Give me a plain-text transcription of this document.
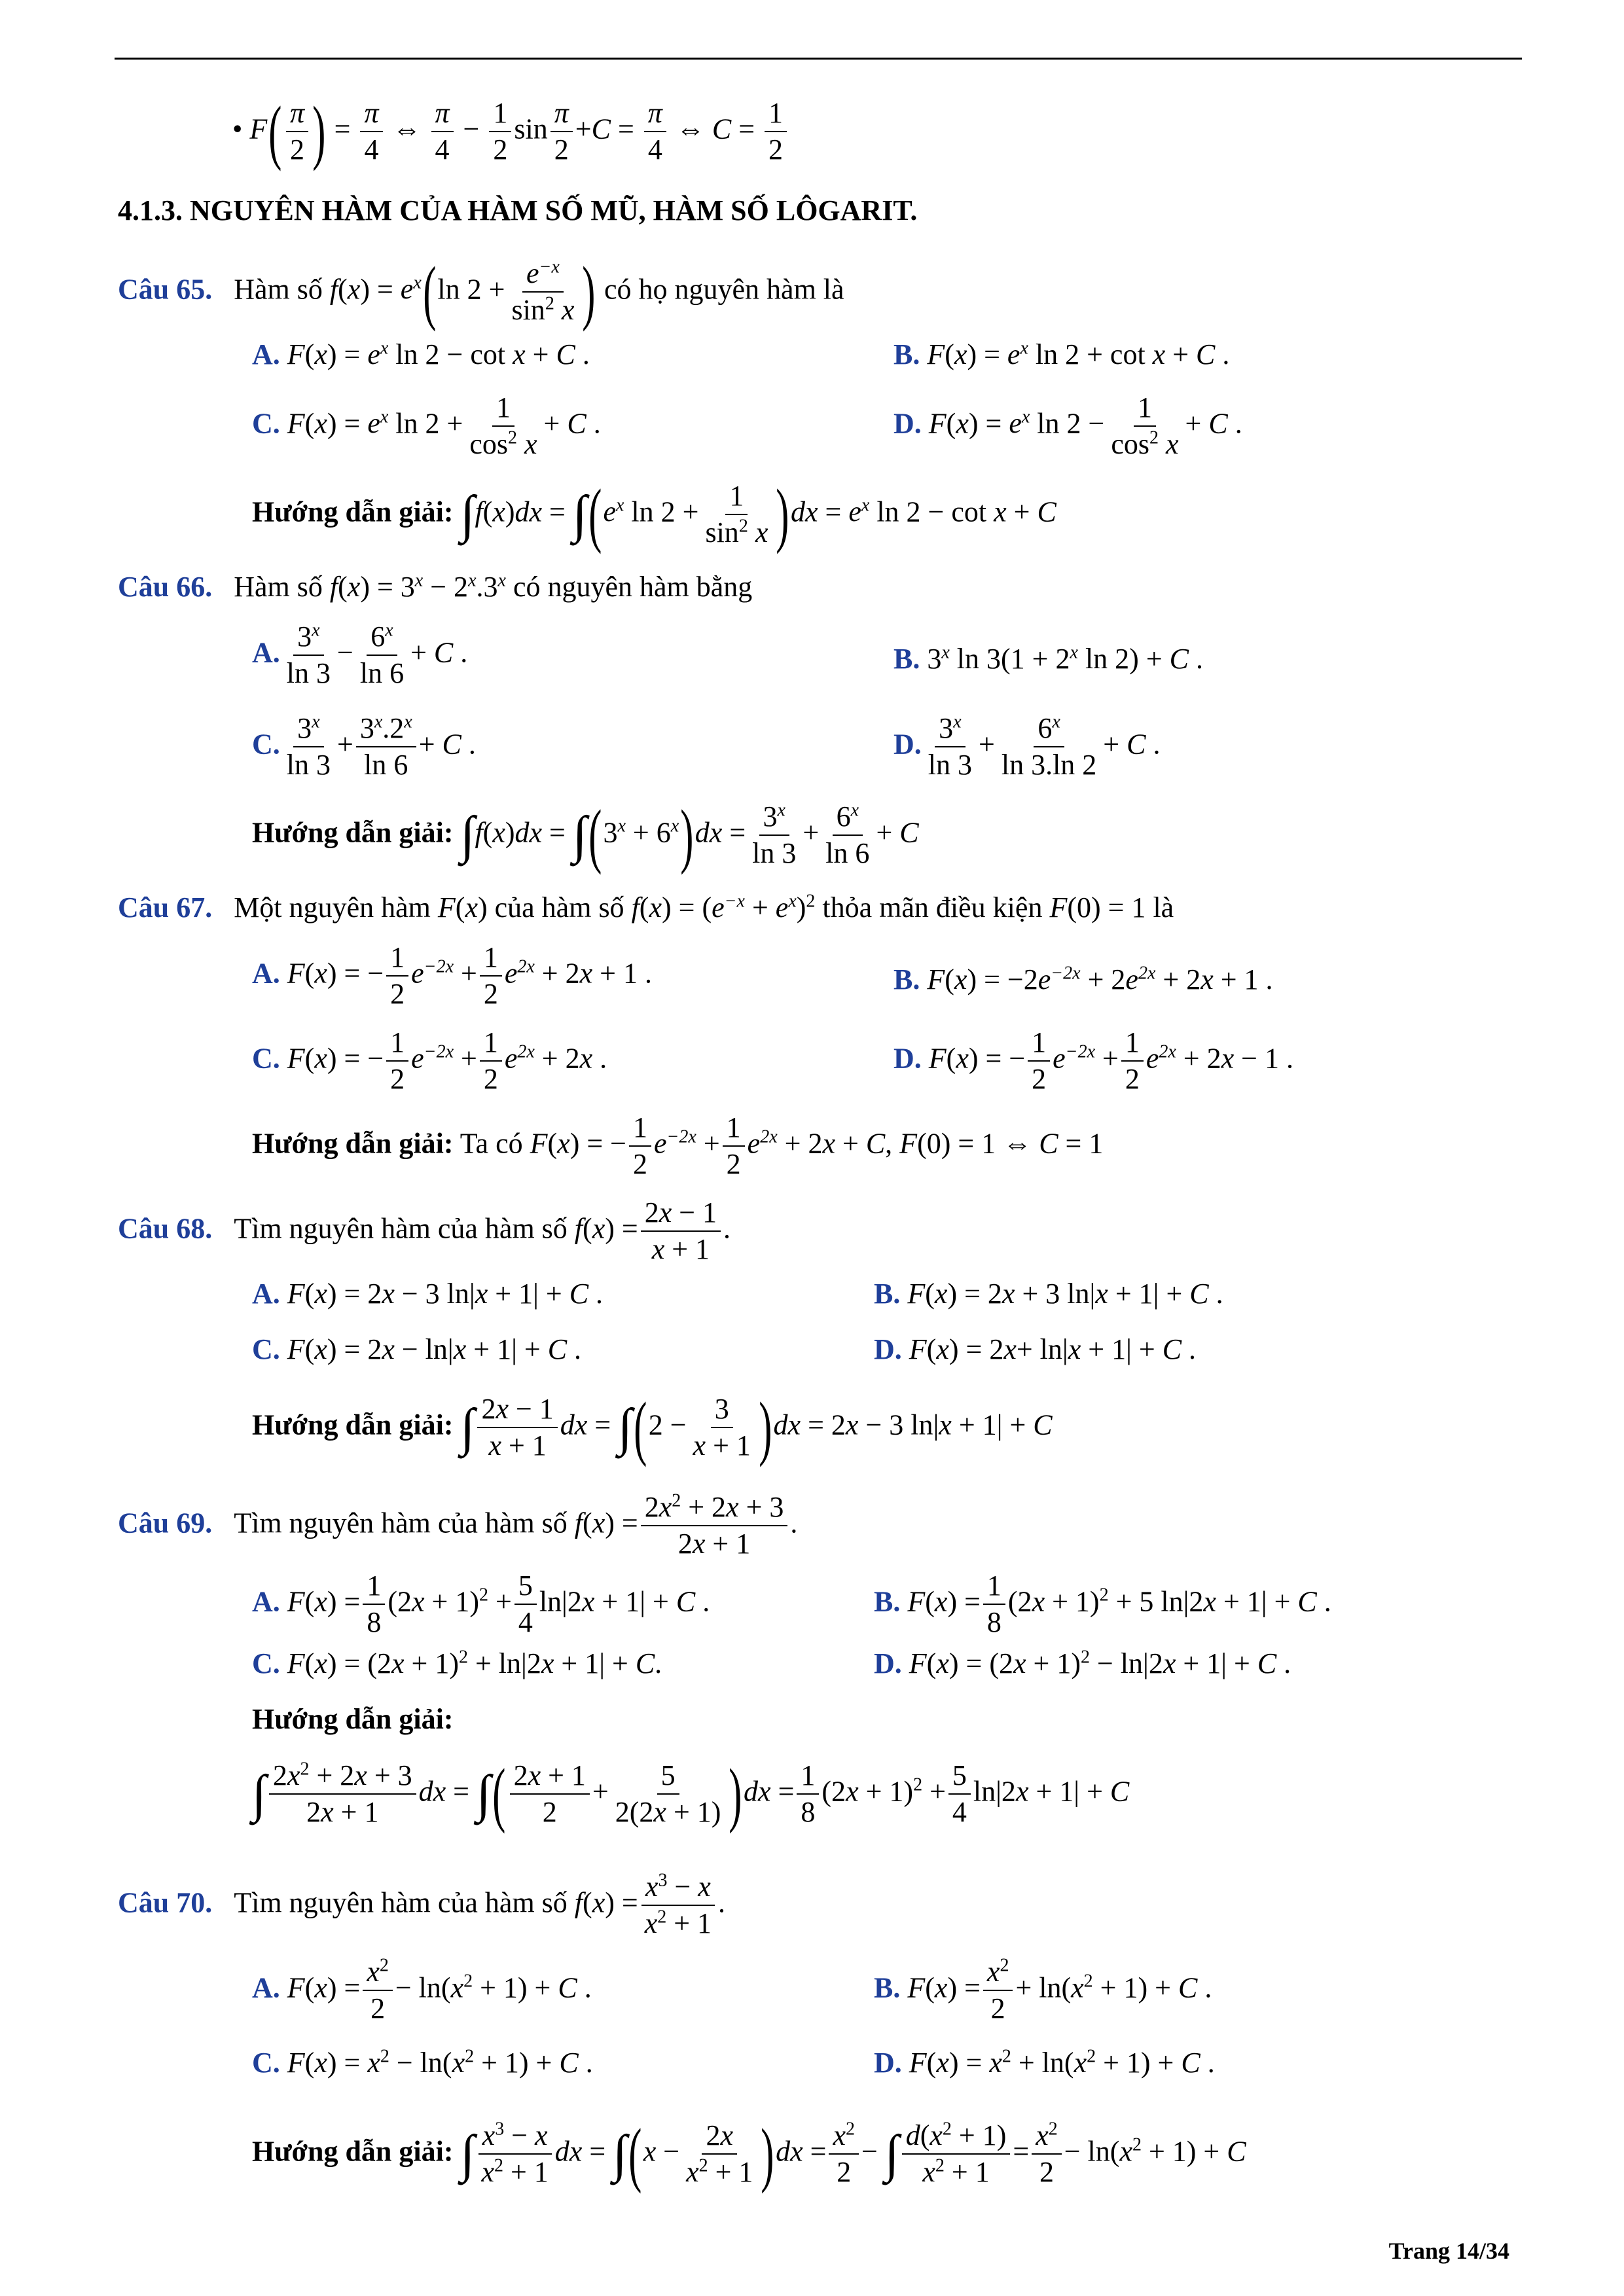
• $F( \frac{\pi}{2}$ ) = $\frac{\pi}{4}$ ⇔ $\frac{\pi}{4} - \frac{1}{2}$ $\sin \frac{\pi}{2} +C = \frac{\pi}{4}$ ⇔ $C = \frac{1}{2}$
4.1.3. NGUYÊN HÀM CỦA HÀM SỐ MŨ, HÀM SỐ LÔGARIT.
Câu 65. Hàm số $f(x) = e^x(\ln$ $2 + \frac{e^{-x}}{\sin^2 x}$ ) có họ nguyên hàm là
A. $F(x) = e^x$ ln 2 − cot x + C .	B. $F(x) = e^x$ ln 2 + cot x + C .
C. $F(x) = e^x$ $\ln 2 + \frac{1}{\cos^2 x} + C$ .	D. $F(x) = e^x$ $\ln 2 - \frac{1}{\cos^2 x} + C$ .
Hướng dẫn giải: $\int f(x)dx = \int(e^x$ $\ln 2 + \frac{1}{\sin^2 x} )dx = e^x$ ln 2 − cot x + C
Câu 66. Hàm số $f(x) = 3^x - 2^x.3^x$ có nguyên hàm bằng
A. $\frac{3^x}{\ln 3} - \frac{6^x}{\ln 6} + C$ .	B. 3$^x$ $\ln 3(1 + 2^x$ ln 2) + C .
C. $\frac{3^x}{\ln 3} + \frac{3^x.2^x}{\ln 6} + C$ .	D. $\frac{3^x}{\ln 3} + \frac{6^x}{\ln 3.\ln 2} + C$ .
Hướng dẫn giải: $\int f(x)dx = \int(3^x + 6^x)dx = \frac{3^x}{\ln 3} + \frac{6^x}{\ln 6} + C$
Câu 67. Một nguyên hàm F(x) của hàm số $f(x) = (e^{-x} + e^x)^2$ thỏa mãn điều kiện F(0) = 1 là
A. F(x) = − $\frac{1}{2} e^{-2x} + \frac{1}{2} e^{2x} + 2x + 1$ .	B. $F(x) = -2e^{-2x} + 2e^{2x} + 2x + 1$ .
C. F(x) = − $\frac{1}{2} e^{-2x} + \frac{1}{2} e^{2x} + 2x$ .	D. F(x) = − $\frac{1}{2} e^{-2x} + \frac{1}{2} e^{2x} + 2x - 1$ .
Hướng dẫn giải: Ta có F(x) = − $\frac{1}{2} e^{-2x} + \frac{1}{2} e^{2x} + 2x + C$, F(0) = 1 ⇔ C = 1
Câu 68. Tìm nguyên hàm của hàm số $f(x) = \frac{2x - 1}{x + 1}$ .
A. F(x) = 2x − 3 ln|x + 1| + C .	B. F(x) = 2x + 3 ln|x + 1| + C .
C. F(x) = 2x − ln|x + 1| + C .	D. F(x) = 2x+ ln|x + 1| + C .
Hướng dẫn giải: ∫ $\frac{2x - 1}{x + 1}$ dx = $\int(2 - \frac{3}{x + 1} )dx = 2x - 3$ ln|x + 1| + C
Câu 69. Tìm nguyên hàm của hàm số $f(x) = \frac{2x^2 + 2x + 3}{2x + 1}$ .
A. $F(x) = \frac{1}{8} (2x + 1)^2 + \frac{5}{4} \ln|2x + 1| + C$ .	B. $F(x) = \frac{1}{8} (2x + 1)^2 + 5$ ln|2x + 1| + C .
C. $F(x) = (2x + 1)^2 + \ln|2x + 1| + C$.	D. $F(x) = (2x + 1)^2 - \ln|2x + 1| + C$ .
Hướng dẫn giải:
∫ $\frac{2x^2 + 2x + 3}{2x + 1}$ dx = ∫( $\frac{2x + 1}{2} + \frac{5}{2(2x + 1)} )dx = \frac{1}{8} (2x + 1)^2 + \frac{5}{4} \ln|2x + 1| + C$
Câu 70. Tìm nguyên hàm của hàm số $f(x) = \frac{x^3 - x}{x^2 + 1}$ .
A. $F(x) = \frac{x^2}{2} - \ln(x^2 + 1) + C$ .	B. $F(x) = \frac{x^2}{2} + \ln(x^2 + 1) + C$ .
C. $F(x) = x^2 - \ln(x^2 + 1) + C$ .	D. $F(x) = x^2 + \ln(x^2 + 1) + C$ .
Hướng dẫn giải: ∫ $\frac{x^3 - x}{x^2 + 1}$ dx = $\int(x - \frac{2x}{x^2 + 1} )dx = \frac{x^2}{2}$ − ∫ $\frac{d(x^2 + 1)}{x^2 + 1} = \frac{x^2}{2} - \ln(x^2 + 1) + C$
Trang 14/34
